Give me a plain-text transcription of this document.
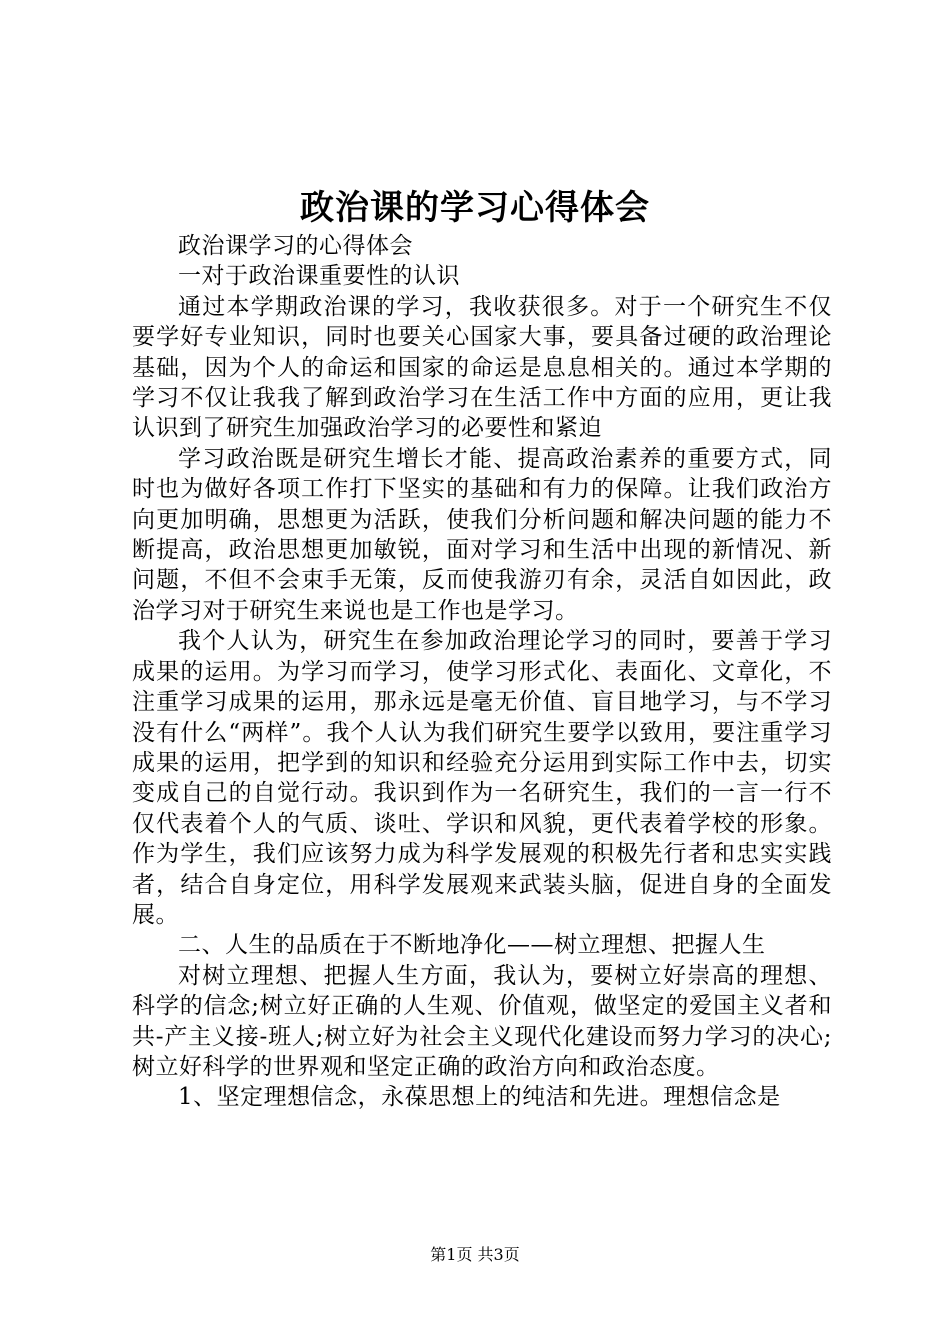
政治课的学习心得体会

政治课学习的心得体会

一对于政治课重要性的认识

通过本学期政治课的学习，我收获很多。对于一个研究生不仅要学好专业知识，同时也要关心国家大事，要具备过硬的政治理论基础，因为个人的命运和国家的命运是息息相关的。通过本学期的学习不仅让我我了解到政治学习在生活工作中方面的应用，更让我认识到了研究生加强政治学习的必要性和紧迫

学习政治既是研究生增长才能、提高政治素养的重要方式，同时也为做好各项工作打下坚实的基础和有力的保障。让我们政治方向更加明确，思想更为活跃，使我们分析问题和解决问题的能力不断提高，政治思想更加敏锐，面对学习和生活中出现的新情况、新问题，不但不会束手无策，反而使我游刃有余，灵活自如因此，政治学习对于研究生来说也是工作也是学习。

我个人认为，研究生在参加政治理论学习的同时，要善于学习成果的运用。为学习而学习，使学习形式化、表面化、文章化，不注重学习成果的运用，那永远是毫无价值、盲目地学习，与不学习没有什么“两样”。我个人认为我们研究生要学以致用，要注重学习成果的运用，把学到的知识和经验充分运用到实际工作中去，切实变成自己的自觉行动。我识到作为一名研究生，我们的一言一行不仅代表着个人的气质、谈吐、学识和风貌，更代表着学校的形象。作为学生，我们应该努力成为科学发展观的积极先行者和忠实实践者，结合自身定位，用科学发展观来武装头脑，促进自身的全面发展。

二、人生的品质在于不断地净化——树立理想、把握人生

对树立理想、把握人生方面，我认为，要树立好崇高的理想、科学的信念;树立好正确的人生观、价值观，做坚定的爱国主义者和共-产主义接-班人;树立好为社会主义现代化建设而努力学习的决心;树立好科学的世界观和坚定正确的政治方向和政治态度。

1、坚定理想信念，永葆思想上的纯洁和先进。理想信念是

第1页 共3页
